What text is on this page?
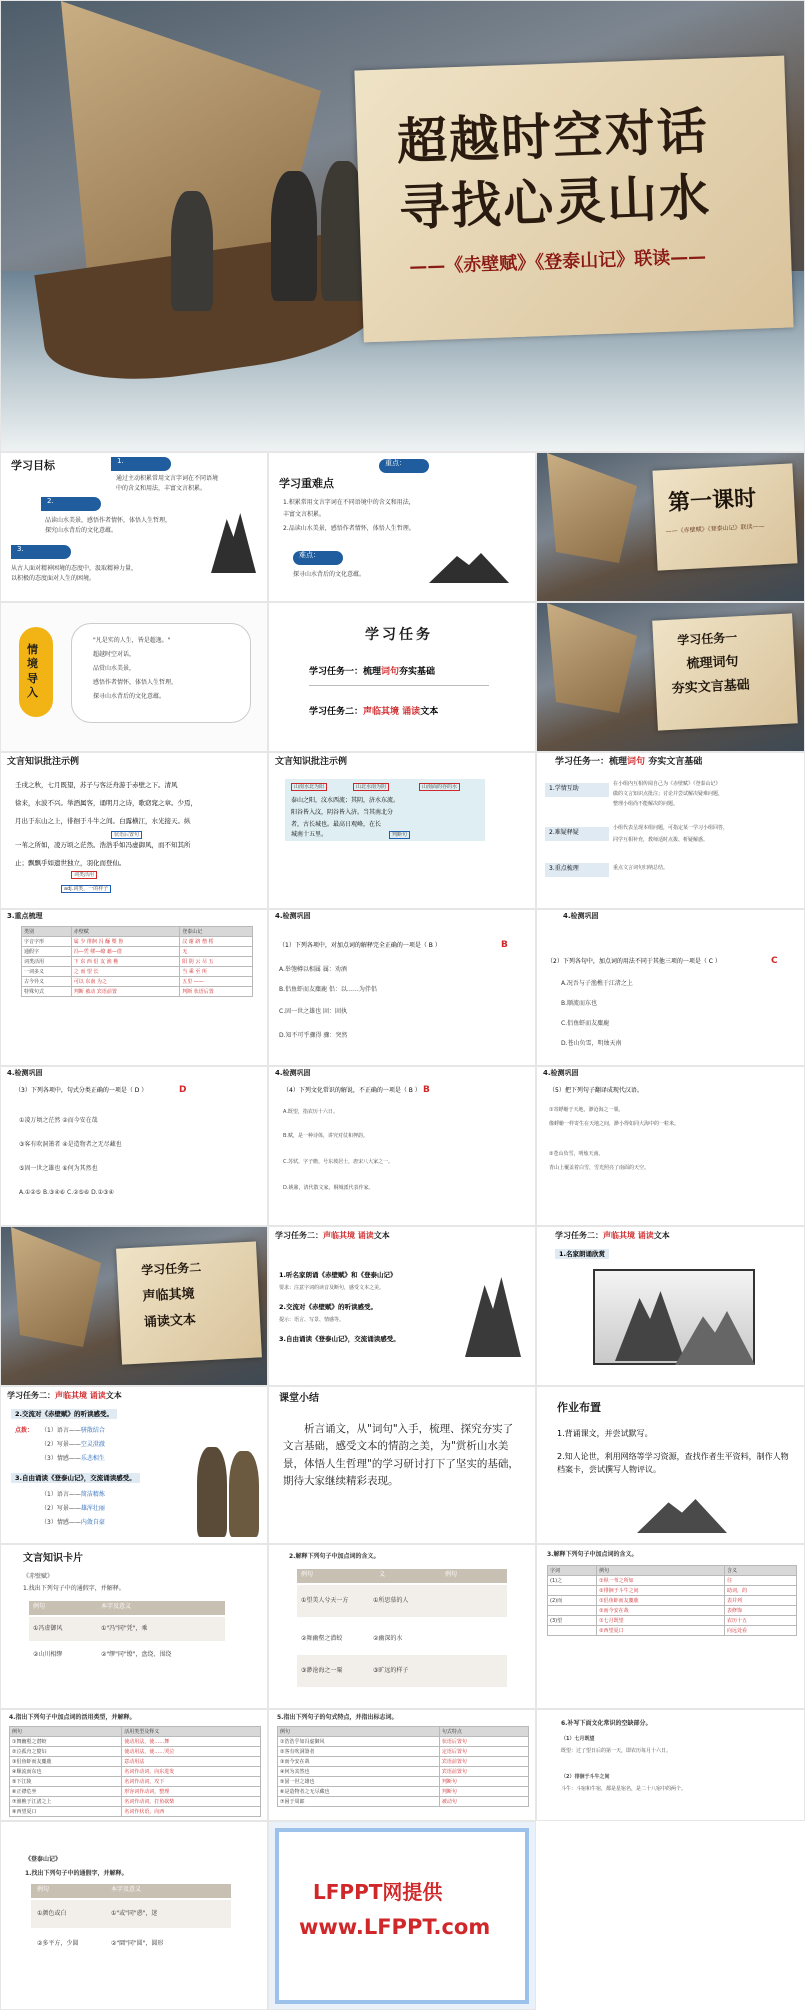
超越时空对话
寻找心灵山水
——《赤壁赋》《登泰山记》联读——
学习目标	1.
通过主动积累常用文言字词在不同语境
中的含义和用法，丰富文言积累。
2.
品读山水美景，感悟作者情怀，体悟人生哲理，
探究山水背后的文化意蕴。
3.
从古人面对精神困境的态度中，汲取精神力量，
以积极的态度面对人生的困境。
学习重难点
重点：
1.积累常用文言字词在不同语境中的含义和用法，
丰富文言积累。
2.品读山水美景，感悟作者情怀，体悟人生哲理。
难点：
探寻山水背后的文化意蕴。
第一课时
——《赤壁赋》《登泰山记》联读——
情境导入
"凡是实的人生，皆是超逸。"
超越时空对话，
品赏山水美景，
感悟作者情怀，体悟人生哲理，
探寻山水背后的文化意蕴。
学习任务
学习任务一：梳理词句夯实基础
学习任务二：声临其境 诵读文本
学习任务一
梳理词句
夯实文言基础
文言知识批注示例
壬戌之秋，七月既望，苏子与客泛舟游于赤壁之下。清风
徐来，水波不兴。举酒属客，诵明月之诗，歌窈窕之章。少焉，
月出于东山之上，徘徊于斗牛之间。白露横江，水光接天。纵
一苇之所如，凌万顷之茫然。浩浩乎如冯虚御风，而不知其所
止；飘飘乎如遗世独立，羽化而登仙。
状语后置句
词类活用
adj.词类，一的样子
文言知识批注示例
山南水北为阳	山北水南为阴	山南面的谷的水
泰山之阳，汶水西流；其阴，济水东流。
阳谷皆入汶，阴谷皆入济。当其南北分
者，古长城也。最高日观峰，在长
城南十五里。	判断句
学习任务一：梳理词句 夯实文言基础
1.学情互助
在小组内互相传阅自己为《赤壁赋》《登泰山记》
做的文言知识点批注；讨论并尝试解决疑难问题，
整理小组尚不能解决的问题。
2.难疑释疑
小组代表呈现本组问题，可指定某一学习小组回答，
同学互相补充，教师适时点拨、析疑解惑。
3.重点梳理	重点文言词句归纳总结。
3.重点梳理
类别	赤壁赋	登泰山记
字音字形	属 少 徘徊 冯 酾 槊 鲁	汶 谢 跻 僧 樗
通假字	冯—凭 缪—缭 藉—借	无
词类活用	下 东 西 侣 友 渔 樵	阳 阴 云 尽 五
一词多义	之 而 望 长	当 乘 至 所
古今异义	可以 东南 为之	五里 ——
特殊句式	判断 被动 宾语前置	判断 状语后置
4.检测巩固
（1）下列各项中，对加点词的解释完全正确的一项是（ B ）
A.举匏樽以相属 属：劝酒
B.侣鱼虾而友麋鹿 侣：以……为伴侣
C.固一世之雄也 固：固执
D.知不可乎骤得 骤：突然
B
4.检测巩固
（2）下列各句中，加点词的用法不同于其他三项的一项是（ C ）
A.况吾与子渔樵于江渚之上
B.顺流而东也
C.侣鱼虾而友麋鹿
D.苍山负雪，明烛天南
C
4.检测巩固
（3）下列各项中，句式分类正确的一项是（ D ）
①凌万顷之茫然 ②而今安在哉
③客有吹洞箫者 ④是造物者之无尽藏也
⑤固一世之雄也 ⑥何为其然也
A.①②⑤ B.③④⑥ C.②⑤⑥ D.①③④
D
4.检测巩固
（4）下列文化常识的解说，不正确的一项是（ B ）
A.既望，指农历十六日。
B.赋，是一种诗体，讲究对仗和押韵。
C.苏轼，字子瞻，号东坡居士，唐宋八大家之一。
D.姚鼐，清代散文家，桐城派代表作家。
B
4.检测巩固
（5）把下列句子翻译成现代汉语。
①寄蜉蝣于天地，渺沧海之一粟。
像蜉蝣一样寄生在天地之间，渺小得如同大海中的一粒米。
②苍山负雪，明烛天南。
青山上覆盖着白雪，雪光照亮了南面的天空。
学习任务二
声临其境
诵读文本
学习任务二：声临其境 诵读文本
1.听名家朗诵《赤壁赋》和《登泰山记》
要求：注意字词的读音及断句，感受文本之美。
2.交流对《赤壁赋》的听读感受。
提示：语言、写景、情感等。
3.自由诵读《登泰山记》，交流诵读感受。
学习任务二：声临其境 诵读文本
1.名家朗诵欣赏
学习任务二：声临其境 诵读文本
2.交流对《赤壁赋》的听读感受。
点拨： （1）语言——骈散结合
（2）写景——空灵澄澈
（3）情感——乐悲相生
3.自由诵读《登泰山记》，交流诵读感受。
（1）语言——简洁精炼
（2）写景——雄浑壮丽
（3）情感——内敛自豪
课堂小结
析言诵文，从"词句"入手，梳理、探究夯实了文言基础，感受文本的情韵之美，为"赏析山水美景，体悟人生哲理"的学习研讨打下了坚实的基础，期待大家继续精彩表现。
作业布置
1.背诵课文，并尝试默写。
2.知人论世，利用网络等学习资源，查找作者生平资料，制作人物档案卡，尝试撰写人物评议。
文言知识卡片
《赤壁赋》
1.找出下列句子中的通假字，并解释。
例句	本字及意义
①冯虚御风	①"冯"同"凭"，乘
②山川相缪	②"缪"同"缭"，盘绕、围绕
2.解释下列句子中加点词的含义。
例句	义	例句
①望美人兮天一方	①所思慕的人
②舞幽壑之潜蛟	②幽深的水
③渺沧海之一粟	③旷远的样子
3.解释下列句子中加点词的含义。
字词	例句	含义
(1)之	①纵一苇之所如	往
	②徘徊于斗牛之间	助词，的
(2)而	①侣鱼虾而友麋鹿	表并列
	②而今安在哉	表修饰
(3)望	①七月既望	农历十五
	②西望夏口	向远处看
4.指出下列句子中加点词的活用类型，并解释。
例句	活用类型及释义
①舞幽壑之潜蛟	使动用法，使……舞
②泣孤舟之嫠妇	使动用法，使……哭泣
③侣鱼虾而友麋鹿	意动用法
④顺流而东也	名词作动词，向东进发
⑤下江陵	名词作动词，攻下
⑥正襟危坐	形容词作动词，整理
⑦渔樵于江渚之上	名词作动词，打鱼砍柴
⑧西望夏口	名词作状语，向西
5.指出下列句子的句式特点，并指出标志词。
例句	句式特点
①浩浩乎如冯虚御风	状语后置句
②客有吹洞箫者	定语后置句
③而今安在哉	宾语前置句
④何为其然也	宾语前置句
⑤固一世之雄也	判断句
⑥是造物者之无尽藏也	判断句
⑦困于周郎	被动句
6.补写下面文化常识的空缺部分。
（1）七月既望
既望：过了望日后的第一天，即农历每月十六日。
（2）徘徊于斗牛之间
斗牛：斗宿和牛宿，都是星宿名，是二十八宿中的两个。
《登泰山记》
1.找出下列句子中的通假字，并解释。
例句	本字及意义
①颜色或白	①"或"同"惑"，迷
②多平方，少圆	②"圜"同"圆"，圆形
LFPPT网提供
www.LFPPT.com
